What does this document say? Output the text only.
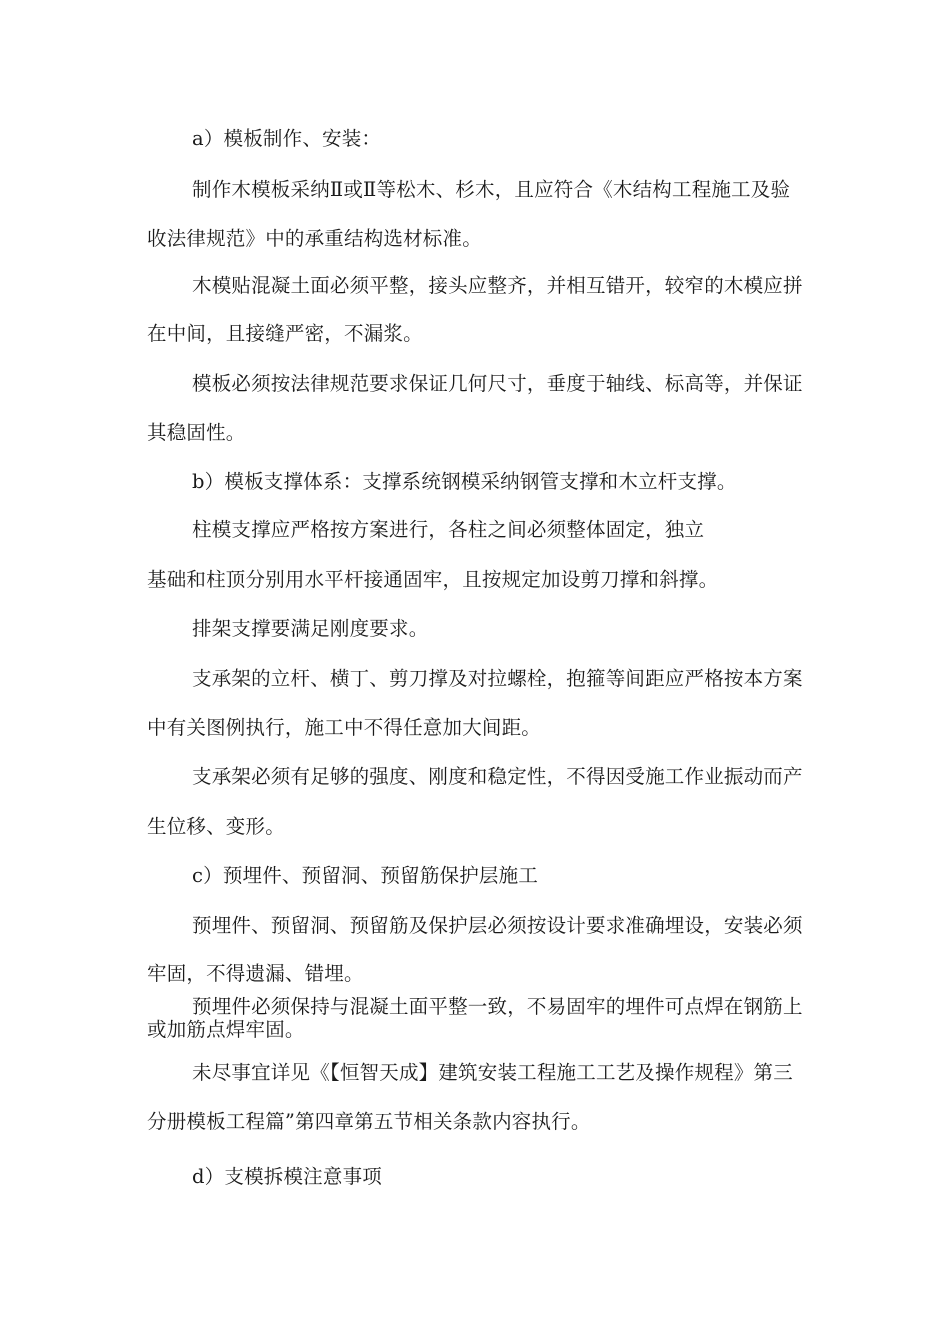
a）模板制作、安装：
制作木模板采纳Ⅱ或Ⅱ等松木、杉木，且应符合《木结构工程施工及验
收法律规范》中的承重结构选材标准。
木模贴混凝土面必须平整，接头应整齐，并相互错开，较窄的木模应拼
在中间，且接缝严密，不漏浆。
模板必须按法律规范要求保证几何尺寸，垂度于轴线、标高等，并保证
其稳固性。
b）模板支撑体系：支撑系统钢模采纳钢管支撑和木立杆支撑。
柱模支撑应严格按方案进行，各柱之间必须整体固定，独立
基础和柱顶分别用水平杆接通固牢，且按规定加设剪刀撑和斜撑。
排架支撑要满足刚度要求。
支承架的立杆、横丁、剪刀撑及对拉螺栓，抱箍等间距应严格按本方案
中有关图例执行，施工中不得任意加大间距。
支承架必须有足够的强度、刚度和稳定性，不得因受施工作业振动而产
生位移、变形。
c）预埋件、预留洞、预留筋保护层施工
预埋件、预留洞、预留筋及保护层必须按设计要求准确埋设，安装必须
牢固，不得遗漏、错埋。
预埋件必须保持与混凝土面平整一致，不易固牢的埋件可点焊在钢筋上
或加筋点焊牢固。
未尽事宜详见《【恒智天成】建筑安装工程施工工艺及操作规程》第三
分册模板工程篇”第四章第五节相关条款内容执行。
d）支模拆模注意事项
